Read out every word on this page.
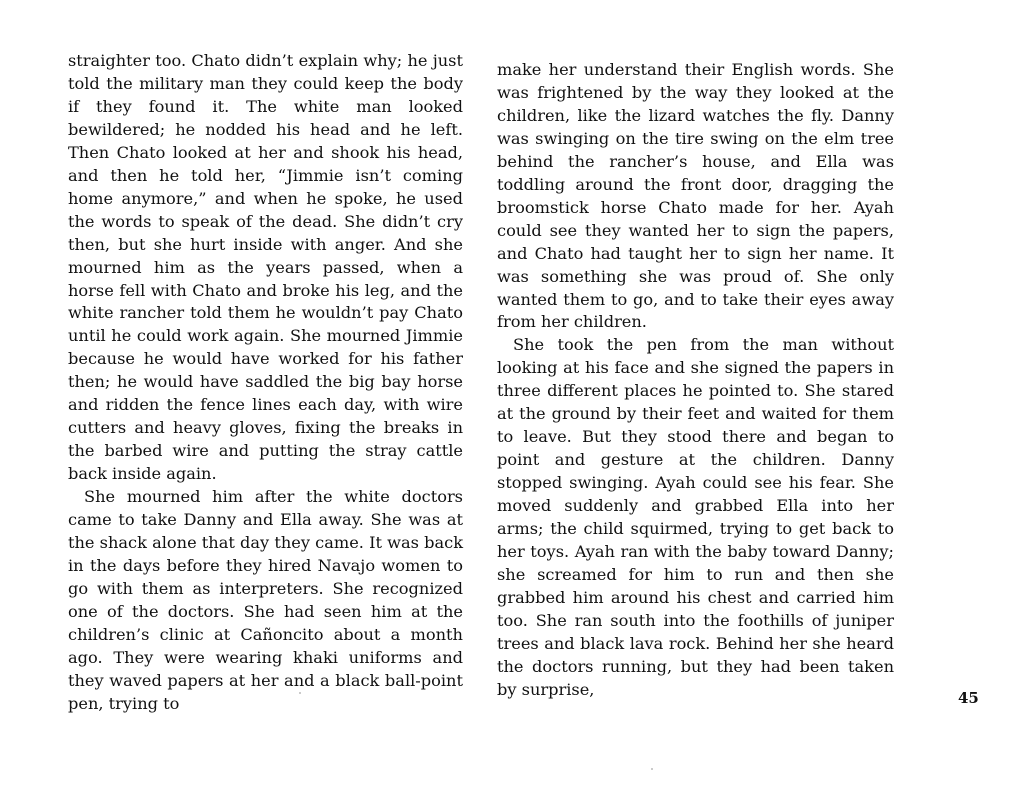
straighter too. Chato didn’t explain why; he just told the military man they could keep the body if they found it. The white man looked bewildered; he nodded his head and he left. Then Chato looked at her and shook his head, and then he told her, “Jimmie isn’t coming home anymore,” and when he spoke, he used the words to speak of the dead. She didn’t cry then, but she hurt inside with anger. And she mourned him as the years passed, when a horse fell with Chato and broke his leg, and the white rancher told them he wouldn’t pay Chato until he could work again. She mourned Jimmie because he would have worked for his father then; he would have saddled the big bay horse and ridden the fence lines each day, with wire cutters and heavy gloves, fixing the breaks in the barbed wire and putting the stray cattle back inside again.

She mourned him after the white doctors came to take Danny and Ella away. She was at the shack alone that day they came. It was back in the days before they hired Navajo women to go with them as interpreters. She recognized one of the doctors. She had seen him at the children’s clinic at Cañoncito about a month ago. They were wearing khaki uniforms and they waved papers at her and a black ball-point pen, trying to

make her understand their English words. She was frightened by the way they looked at the children, like the lizard watches the fly. Danny was swinging on the tire swing on the elm tree behind the rancher’s house, and Ella was toddling around the front door, dragging the broomstick horse Chato made for her. Ayah could see they wanted her to sign the papers, and Chato had taught her to sign her name. It was something she was proud of. She only wanted them to go, and to take their eyes away from her children.

She took the pen from the man without looking at his face and she signed the papers in three different places he pointed to. She stared at the ground by their feet and waited for them to leave. But they stood there and began to point and gesture at the children. Danny stopped swinging. Ayah could see his fear. She moved suddenly and grabbed Ella into her arms; the child squirmed, trying to get back to her toys. Ayah ran with the baby toward Danny; she screamed for him to run and then she grabbed him around his chest and carried him too. She ran south into the foothills of juniper trees and black lava rock. Behind her she heard the doctors running, but they had been taken by surprise,	45
